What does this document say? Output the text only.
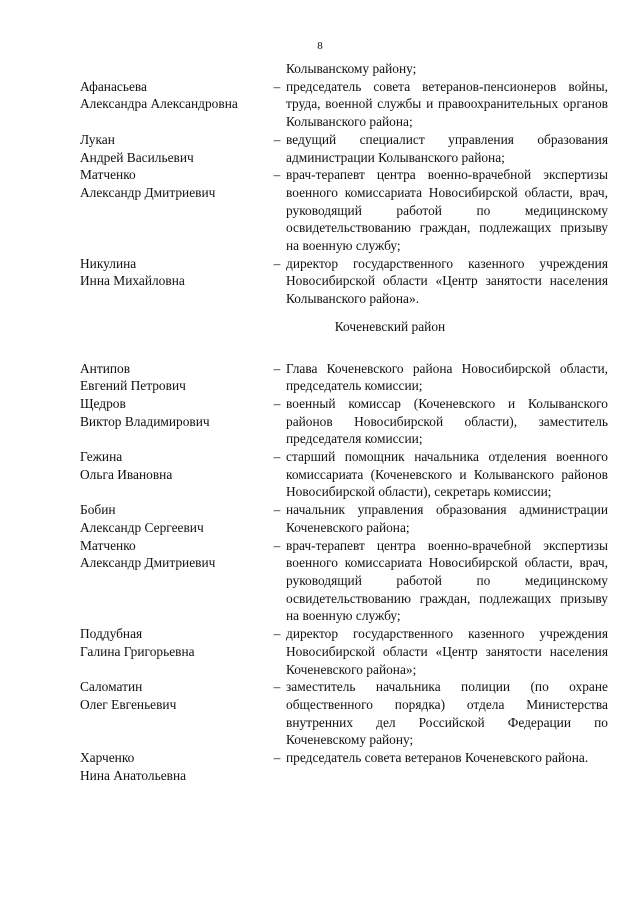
8
Колыванскому району;
Афанасьева
Александра Александровна
– председатель совета ветеранов-пенсионеров войны, труда, военной службы и правоохранительных органов Колыванского района;
Лукан
Андрей Васильевич
– ведущий специалист управления образования администрации Колыванского района;
Матченко
Александр Дмитриевич
– врач-терапевт центра военно-врачебной экспертизы военного комиссариата Новосибирской области, врач, руководящий работой по медицинскому освидетельствованию граждан, подлежащих призыву на военную службу;
Никулина
Инна Михайловна
– директор государственного казенного учреждения Новосибирской области «Центр занятости населения Колыванского района».
Коченевский район
Антипов
Евгений Петрович
– Глава Коченевского района Новосибирской области, председатель комиссии;
Щедров
Виктор Владимирович
– военный комиссар (Коченевского и Колыванского районов Новосибирской области), заместитель председателя комиссии;
Гежина
Ольга Ивановна
– старший помощник начальника отделения военного комиссариата (Коченевского и Колыванского районов Новосибирской области), секретарь комиссии;
Бобин
Александр Сергеевич
– начальник управления образования администрации Коченевского района;
Матченко
Александр Дмитриевич
– врач-терапевт центра военно-врачебной экспертизы военного комиссариата Новосибирской области, врач, руководящий работой по медицинскому освидетельствованию граждан, подлежащих призыву на военную службу;
Поддубная
Галина Григорьевна
– директор государственного казенного учреждения Новосибирской области «Центр занятости населения Коченевского района»;
Саломатин
Олег Евгеньевич
– заместитель начальника полиции (по охране общественного порядка) отдела Министерства внутренних дел Российской Федерации по Коченевскому району;
Харченко
Нина Анатольевна
– председатель совета ветеранов Коченевского района.
